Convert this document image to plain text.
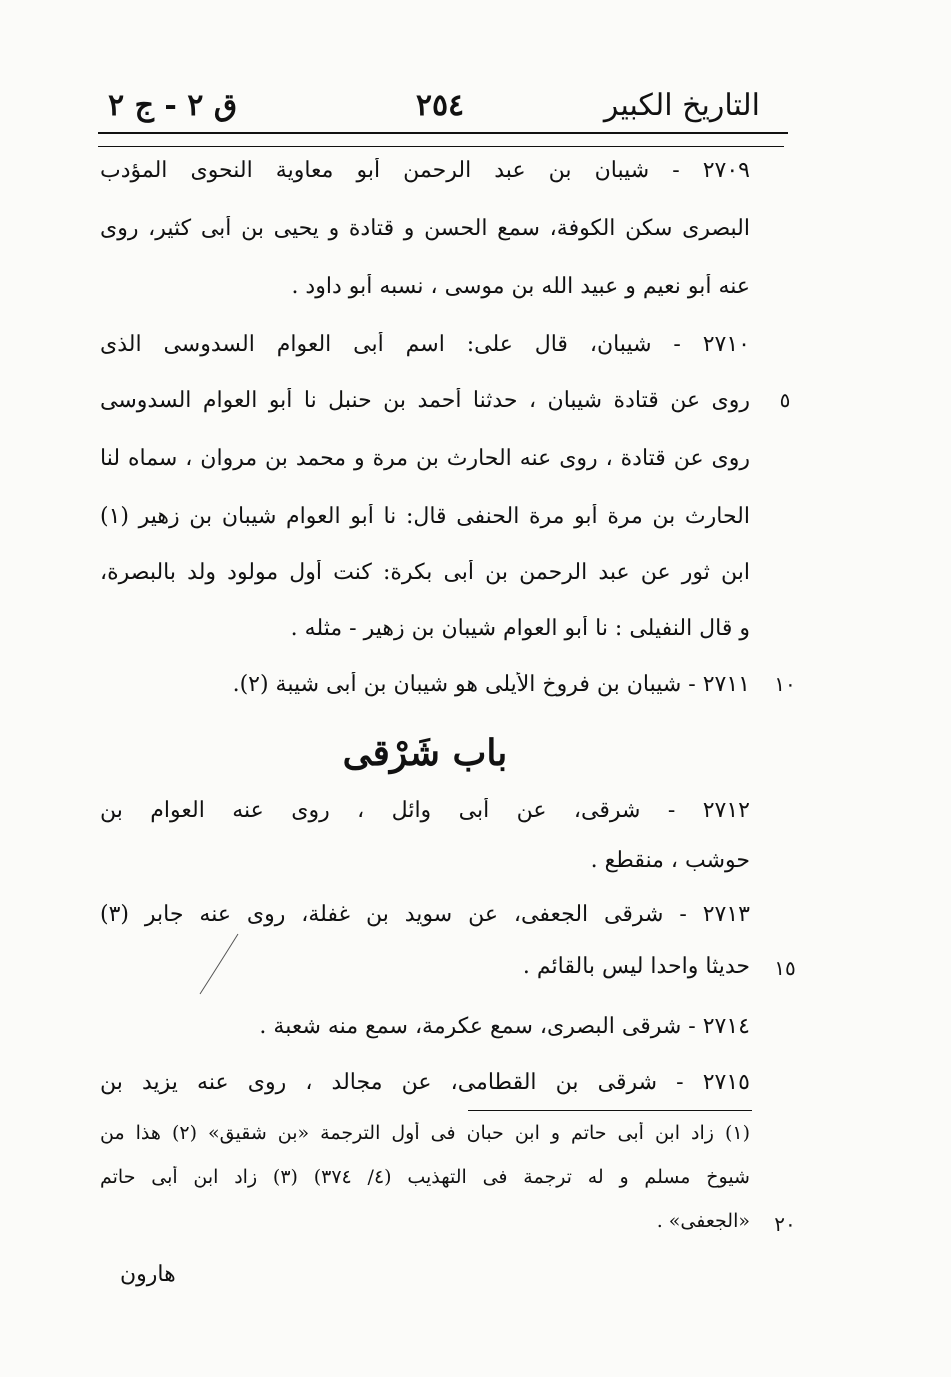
التاريخ الكبير
٢٥٤
ق ٢ - ج ٢
٢٧٠٩ - شيبان بن عبد الرحمن أبو معاوية النحوى المؤدب
البصرى سكن الكوفة، سمع الحسن و قتادة و يحيى بن أبى كثير، روى
عنه أبو نعيم و عبيد الله بن موسى ، نسبه أبو داود .
٢٧١٠ - شيبان، قال على: اسم أبى العوام السدوسى الذى
روى عن قتادة شيبان ، حدثنا أحمد بن حنبل نا أبو العوام السدوسى
روى عن قتادة ، روى عنه الحارث بن مرة و محمد بن مروان ، سماه لنا
الحارث بن مرة أبو مرة الحنفى قال: نا أبو العوام شيبان بن زهير (١)
ابن ثور عن عبد الرحمن بن أبى بكرة: كنت أول مولود ولد بالبصرة،
و قال النفيلى : نا أبو العوام شيبان بن زهير - مثله .
٢٧١١ - شيبان بن فروخ الأيلى هو شيبان بن أبى شيبة (٢).
٢٧١٢ - شرقى، عن أبى وائل ، روى عنه العوام بن
حوشب ، منقطع .
٢٧١٣ - شرقى الجعفى، عن سويد بن غفلة، روى عنه جابر (٣)
حديثا واحدا ليس بالقائم .
٢٧١٤ - شرقى البصرى، سمع عكرمة، سمع منه شعبة .
٢٧١٥ - شرقى بن القطامى، عن مجالد ، روى عنه يزيد بن
باب شَرْقى
٥
١٠
١٥
٢٠
(١) زاد ابن أبى حاتم و ابن حبان فى أول الترجمة «بن شقيق» (٢) هذا من
شيوخ مسلم و له ترجمة فى التهذيب (٤/ ٣٧٤) (٣) زاد ابن أبى حاتم
«الجعفى» .
هارون
